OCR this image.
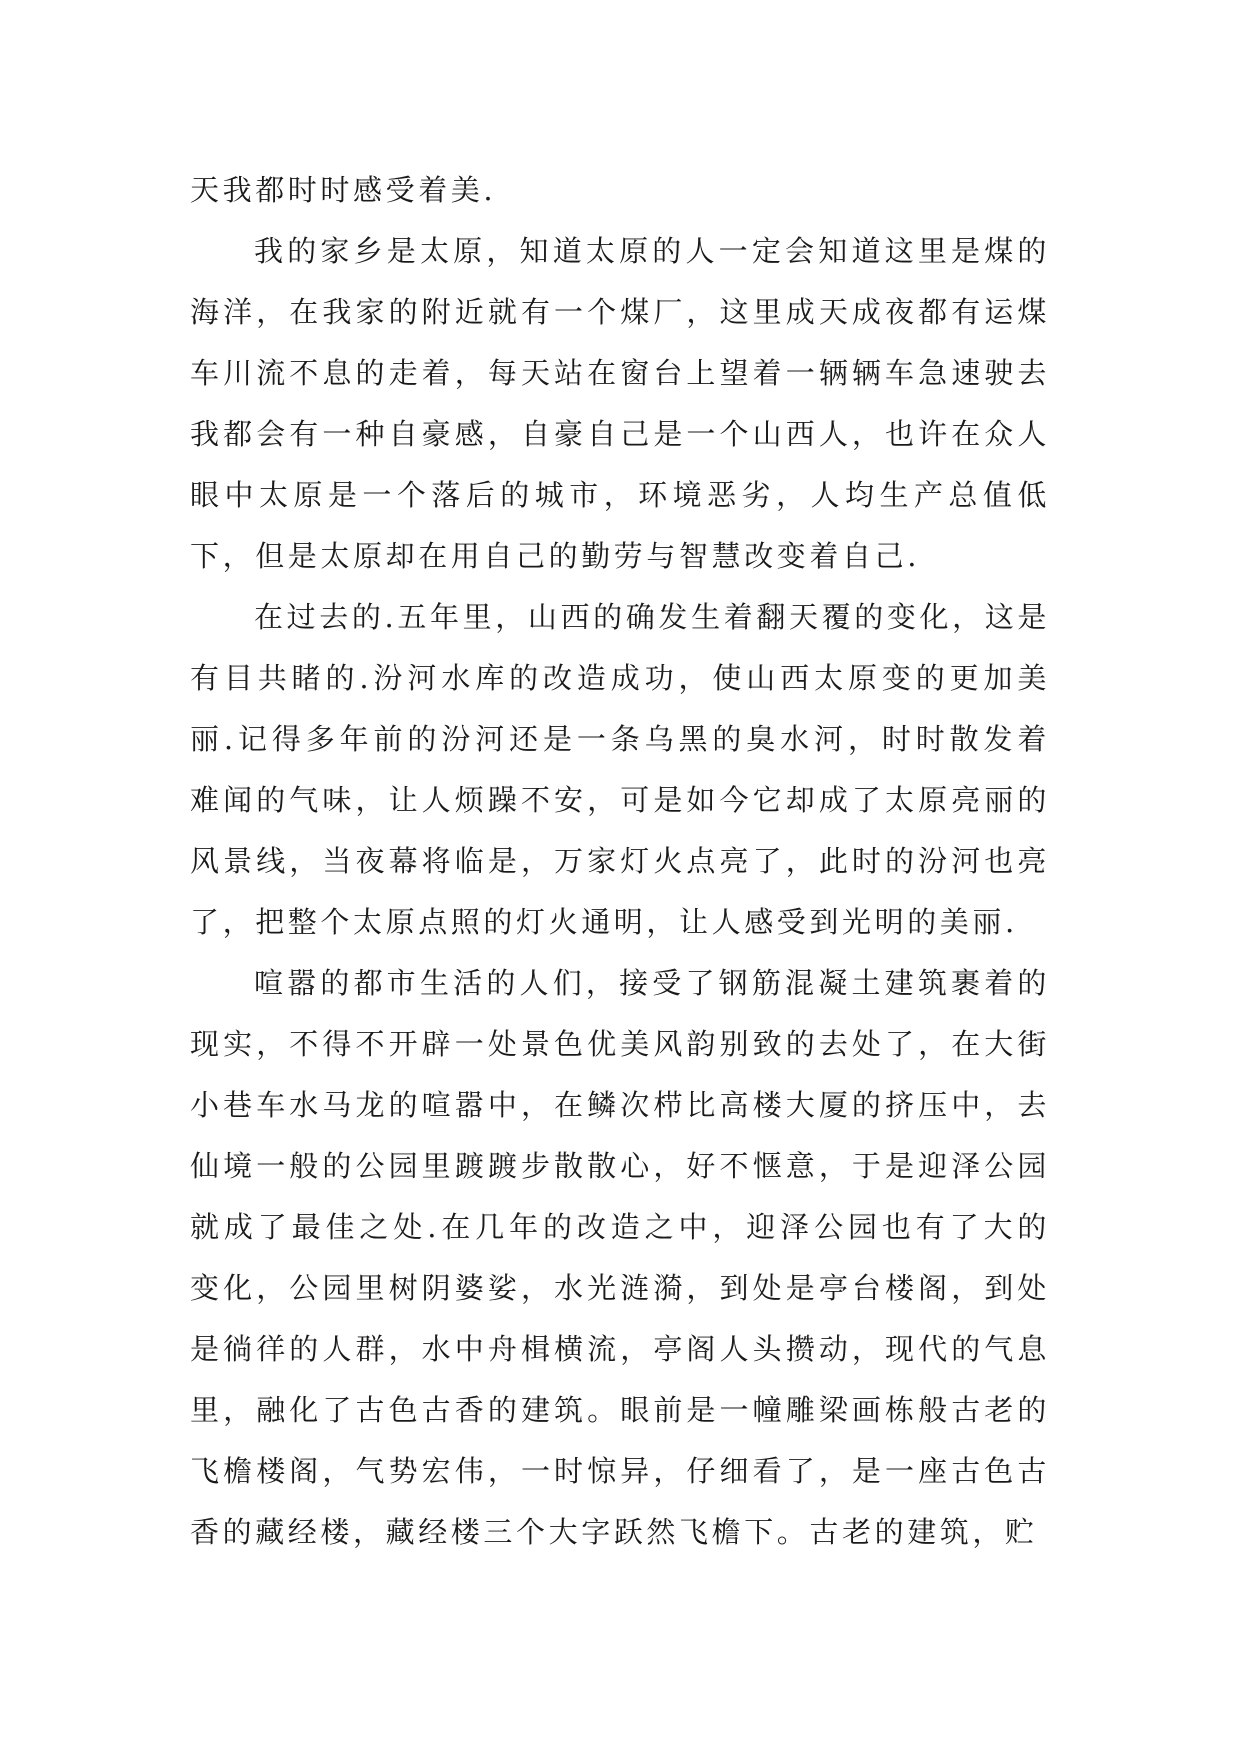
天我都时时感受着美.

我的家乡是太原，知道太原的人一定会知道这里是煤的海洋，在我家的附近就有一个煤厂，这里成天成夜都有运煤车川流不息的走着，每天站在窗台上望着一辆辆车急速驶去我都会有一种自豪感，自豪自己是一个山西人，也许在众人眼中太原是一个落后的城市，环境恶劣，人均生产总值低下，但是太原却在用自己的勤劳与智慧改变着自己.

在过去的.五年里，山西的确发生着翻天覆的变化，这是有目共睹的.汾河水库的改造成功，使山西太原变的更加美丽.记得多年前的汾河还是一条乌黑的臭水河，时时散发着难闻的气味，让人烦躁不安，可是如今它却成了太原亮丽的风景线，当夜幕将临是，万家灯火点亮了，此时的汾河也亮了，把整个太原点照的灯火通明，让人感受到光明的美丽.

喧嚣的都市生活的人们，接受了钢筋混凝土建筑裹着的现实，不得不开辟一处景色优美风韵别致的去处了，在大街小巷车水马龙的喧嚣中，在鳞次栉比高楼大厦的挤压中，去仙境一般的公园里踱踱步散散心，好不惬意，于是迎泽公园就成了最佳之处.在几年的改造之中，迎泽公园也有了大的变化，公园里树阴婆娑，水光涟漪，到处是亭台楼阁，到处是徜徉的人群，水中舟楫横流，亭阁人头攒动，现代的气息里，融化了古色古香的建筑。眼前是一幢雕梁画栋般古老的飞檐楼阁，气势宏伟，一时惊异，仔细看了，是一座古色古香的藏经楼，藏经楼三个大字跃然飞檐下。古老的建筑，贮
